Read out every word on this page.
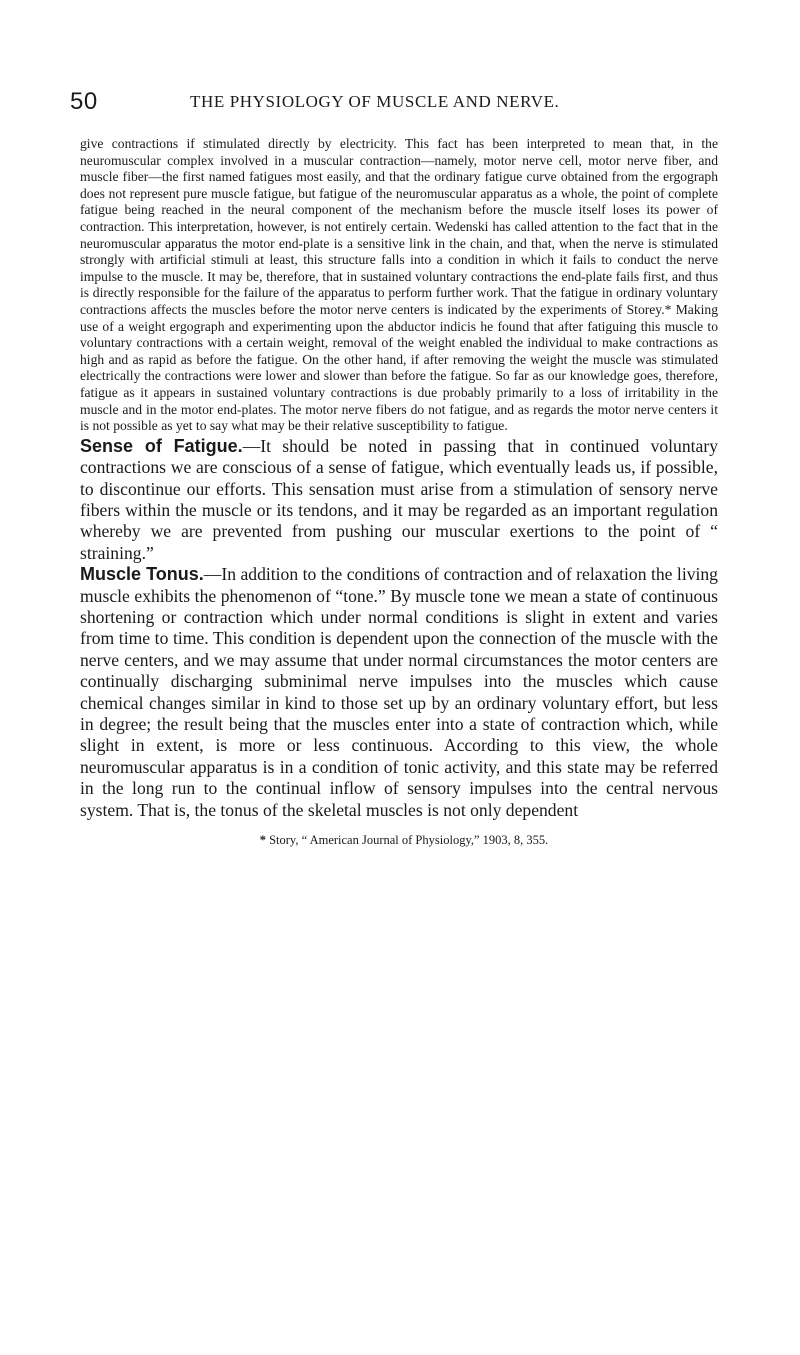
50	THE PHYSIOLOGY OF MUSCLE AND NERVE.

give contractions if stimulated directly by electricity. This fact has been interpreted to mean that, in the neuromuscular complex involved in a muscular contraction—namely, motor nerve cell, motor nerve fiber, and muscle fiber—the first named fatigues most easily, and that the ordinary fatigue curve obtained from the ergograph does not represent pure muscle fatigue, but fatigue of the neuromuscular apparatus as a whole, the point of complete fatigue being reached in the neural component of the mechanism before the muscle itself loses its power of contraction. This interpretation, however, is not entirely certain. Wedenski has called attention to the fact that in the neuromuscular apparatus the motor end-plate is a sensitive link in the chain, and that, when the nerve is stimulated strongly with artificial stimuli at least, this structure falls into a condition in which it fails to conduct the nerve impulse to the muscle. It may be, therefore, that in sustained voluntary contractions the end-plate fails first, and thus is directly responsible for the failure of the apparatus to perform further work. That the fatigue in ordinary voluntary contractions affects the muscles before the motor nerve centers is indicated by the experiments of Storey.* Making use of a weight ergograph and experimenting upon the abductor indicis he found that after fatiguing this muscle to voluntary contractions with a certain weight, removal of the weight enabled the individual to make contractions as high and as rapid as before the fatigue. On the other hand, if after removing the weight the muscle was stimulated electrically the contractions were lower and slower than before the fatigue. So far as our knowledge goes, therefore, fatigue as it appears in sustained voluntary contractions is due probably primarily to a loss of irritability in the muscle and in the motor end-plates. The motor nerve fibers do not fatigue, and as regards the motor nerve centers it is not possible as yet to say what may be their relative susceptibility to fatigue.

Sense of Fatigue.—It should be noted in passing that in continued voluntary contractions we are conscious of a sense of fatigue, which eventually leads us, if possible, to discontinue our efforts. This sensation must arise from a stimulation of sensory nerve fibers within the muscle or its tendons, and it may be regarded as an important regulation whereby we are prevented from pushing our muscular exertions to the point of “ straining.”

Muscle Tonus.—In addition to the conditions of contraction and of relaxation the living muscle exhibits the phenomenon of “tone.” By muscle tone we mean a state of continuous shortening or contraction which under normal conditions is slight in extent and varies from time to time. This condition is dependent upon the connection of the muscle with the nerve centers, and we may assume that under normal circumstances the motor centers are continually discharging subminimal nerve impulses into the muscles which cause chemical changes similar in kind to those set up by an ordinary voluntary effort, but less in degree; the result being that the muscles enter into a state of contraction which, while slight in extent, is more or less continuous. According to this view, the whole neuromuscular apparatus is in a condition of tonic activity, and this state may be referred in the long run to the continual inflow of sensory impulses into the central nervous system. That is, the tonus of the skeletal muscles is not only dependent

* Story, “ American Journal of Physiology,” 1903, 8, 355.
